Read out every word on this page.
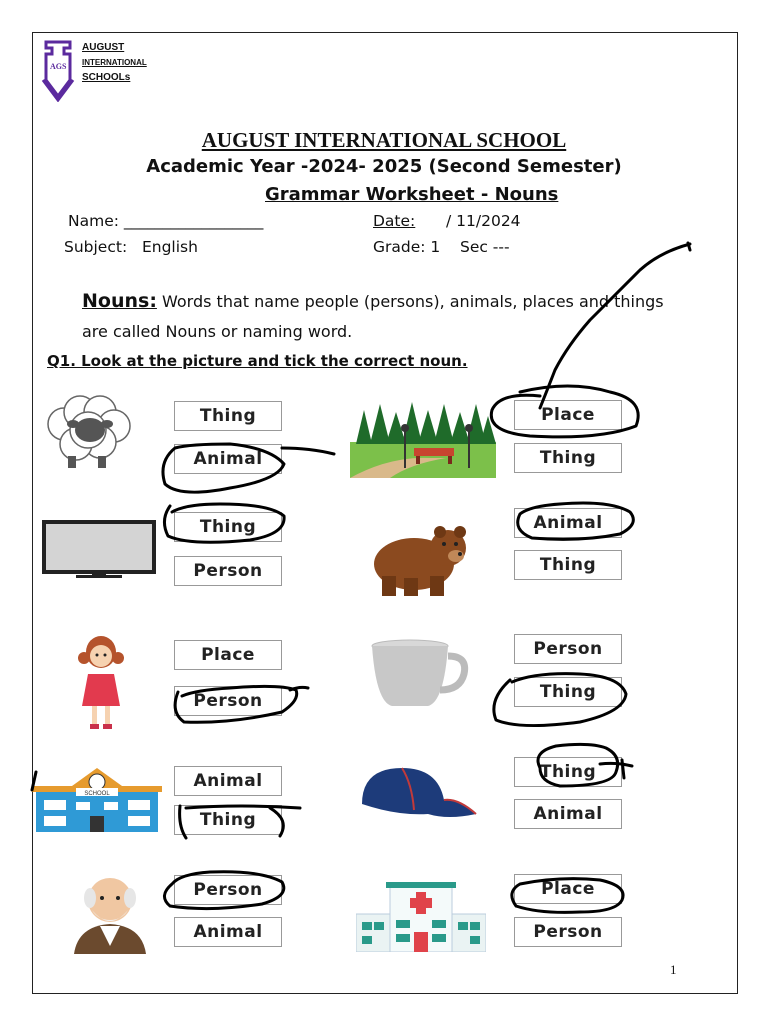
AGS
AUGUST
INTERNATIONAL
SCHOOLs
AUGUST INTERNATIONAL SCHOOL
Academic Year -2024- 2025 (Second Semester)
Grammar Worksheet - Nouns
Name: __________________	Date: / 11/2024
Subject:   English	Grade: 1    Sec ---
Nouns: Words that name people (persons), animals, places and things
are called Nouns or naming word.
Q1. Look at the picture and tick the correct noun.
SCHOOL
Thing
Animal
Place
Thing
Thing
Person
Animal
Thing
Place
Person
Person
Thing
Animal
Thing
Thing
Animal
Person
Animal
Place
Person
1
